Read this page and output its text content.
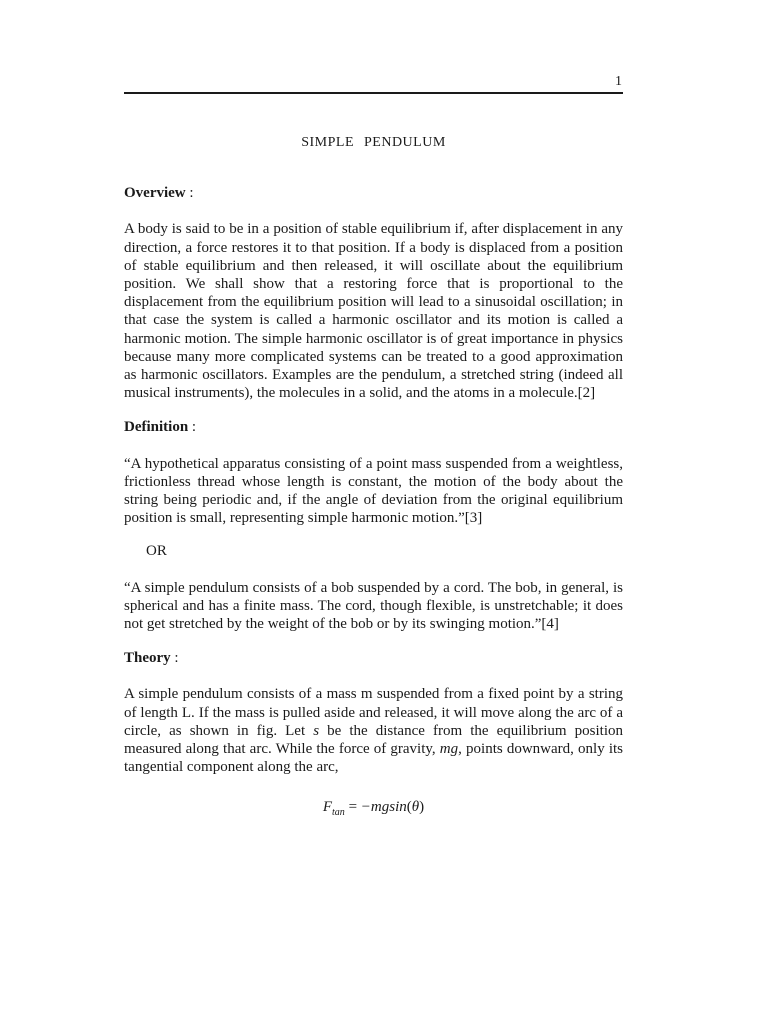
1

SIMPLE PENDULUM

Overview :

A body is said to be in a position of stable equilibrium if, after displacement in any direction, a force restores it to that position. If a body is displaced from a position of stable equilibrium and then released, it will oscillate about the equilibrium position. We shall show that a restoring force that is proportional to the displacement from the equilibrium position will lead to a sinusoidal oscillation; in that case the system is called a harmonic oscillator and its motion is called a harmonic motion. The simple harmonic oscillator is of great importance in physics because many more complicated systems can be treated to a good approximation as harmonic oscillators. Examples are the pendulum, a stretched string (indeed all musical instruments), the molecules in a solid, and the atoms in a molecule.[2]

Definition :

“A hypothetical apparatus consisting of a point mass suspended from a weightless, frictionless thread whose length is constant, the motion of the body about the string being periodic and, if the angle of deviation from the original equilibrium position is small, representing simple harmonic motion.”[3]

OR

“A simple pendulum consists of a bob suspended by a cord. The bob, in general, is spherical and has a finite mass. The cord, though flexible, is unstretchable; it does not get stretched by the weight of the bob or by its swinging motion.”[4]

Theory :

A simple pendulum consists of a mass m suspended from a fixed point by a string of length L. If the mass is pulled aside and released, it will move along the arc of a circle, as shown in fig. Let s be the distance from the equilibrium position measured along that arc. While the force of gravity, mg, points downward, only its tangential component along the arc,

$F_{tan} = -mgsin(\theta)$
